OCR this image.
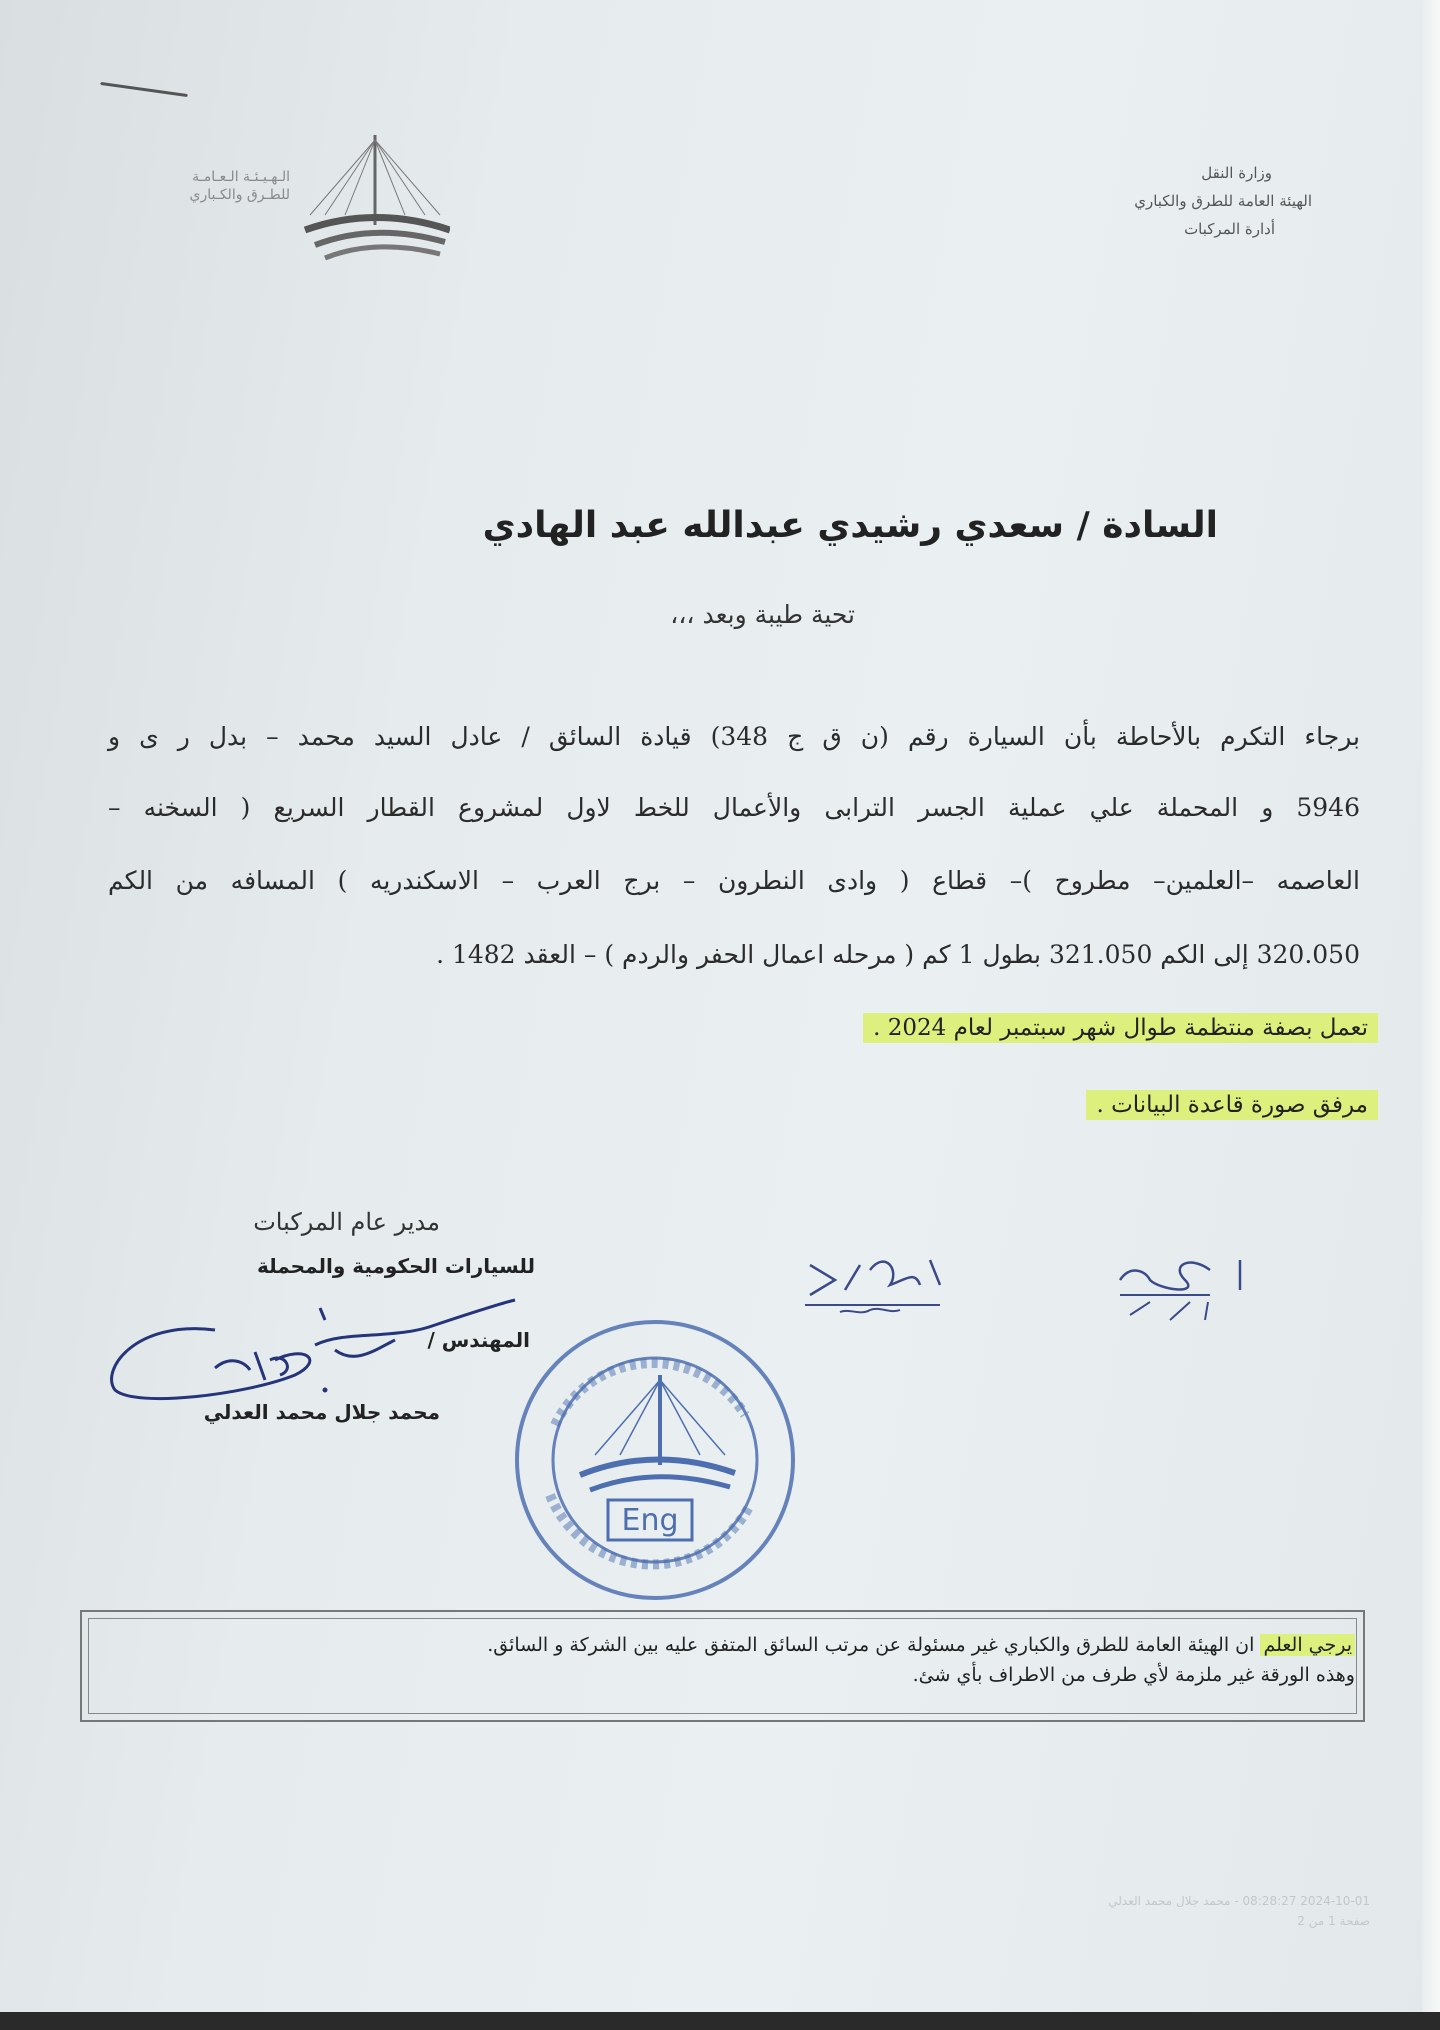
وزارة النقل
الهيئة العامة للطرق والكباري
أدارة المركبات
الـهـيـئـة الـعـامـة
للطـرق والكـباري
السادة / سعدي رشيدي عبدالله عبد الهادي
تحية طيبة وبعد ،،،
برجاء التكرم بالأحاطة بأن السيارة رقم (ن ق ج 348) قيادة السائق / عادل السيد محمد – بدل ر ى و
5946 و المحملة علي عملية الجسر الترابى والأعمال للخط لاول لمشروع القطار السريع ( السخنه –
العاصمه –العلمين– مطروح )– قطاع ( وادى النطرون – برج العرب – الاسكندريه ) المسافه من الكم
320.050 إلى الكم 321.050 بطول 1 كم ( مرحله اعمال الحفر والردم ) – العقد 1482 .
تعمل بصفة منتظمة طوال شهر سبتمبر لعام 2024 .
مرفق صورة قاعدة البيانات .
مدير عام المركبات
للسيارات الحكومية والمحملة
المهندس /
محمد جلال محمد العدلي
Eng
يرجي العلم ان الهيئة العامة للطرق والكباري غير مسئولة عن مرتب السائق المتفق عليه بين الشركة و السائق.
وهذه الورقة غير ملزمة لأي طرف من الاطراف بأي شئ.
2024-10-01 08:28:27 - محمد جلال محمد العدلي
صفحة 1 من 2
